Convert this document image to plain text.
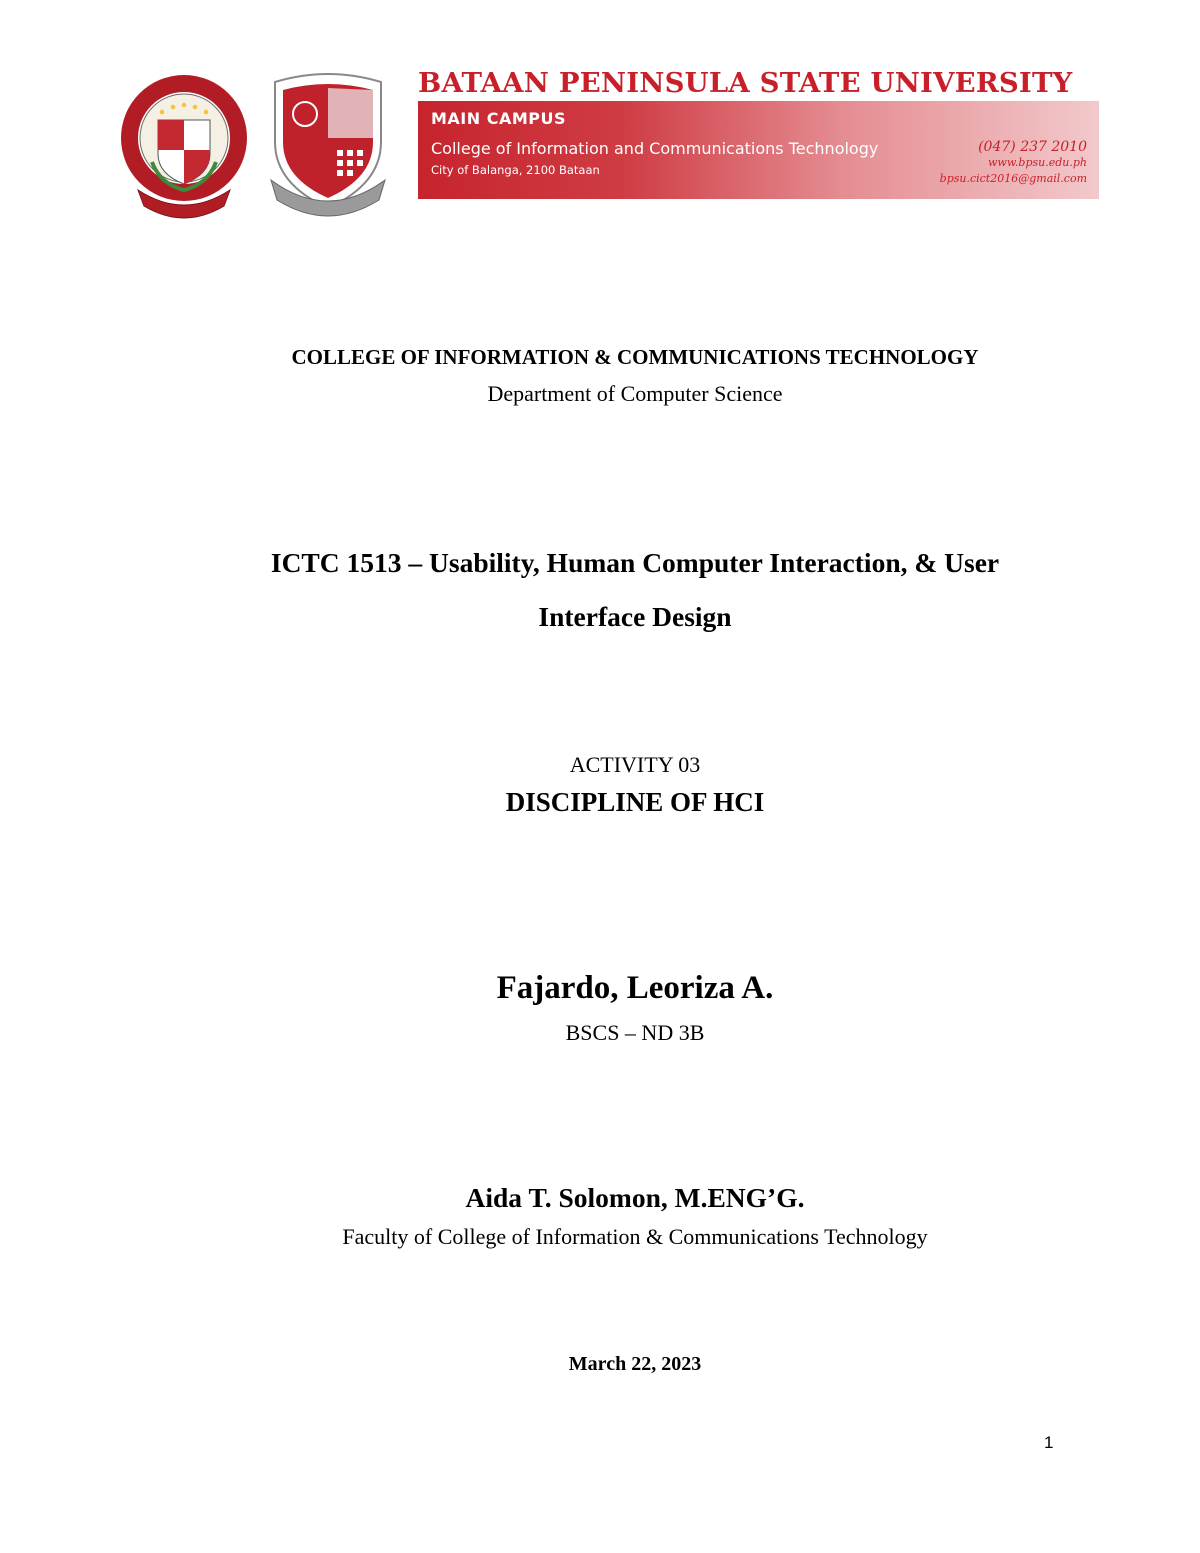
BATAAN PENINSULA STATE UNIVERSITY
MAIN CAMPUS
College of Information and Communications Technology
City of Balanga, 2100 Bataan
(047) 237 2010
www.bpsu.edu.ph
bpsu.cict2016@gmail.com
COLLEGE OF INFORMATION & COMMUNICATIONS TECHNOLOGY
Department of Computer Science
ICTC 1513 – Usability, Human Computer Interaction, & User
Interface Design
ACTIVITY 03
DISCIPLINE OF HCI
Fajardo, Leoriza A.
BSCS – ND 3B
Aida T. Solomon, M.ENG’G.
Faculty of College of Information & Communications Technology
March 22, 2023
1
